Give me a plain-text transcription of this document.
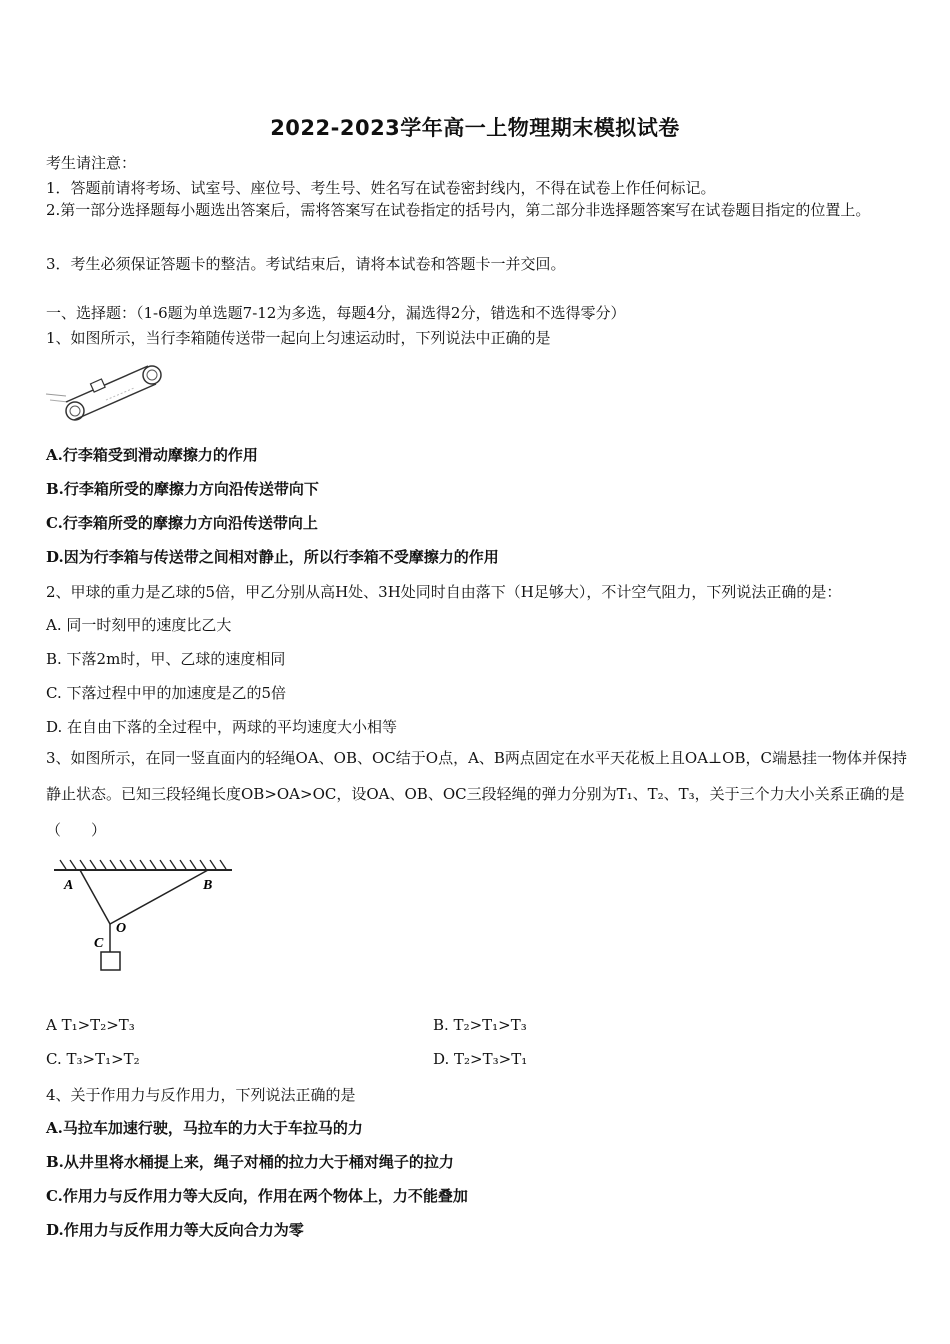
2022-2023学年高一上物理期末模拟试卷
考生请注意：
1．答题前请将考场、试室号、座位号、考生号、姓名写在试卷密封线内，不得在试卷上作任何标记。
2.第一部分选择题每小题选出答案后，需将答案写在试卷指定的括号内，第二部分非选择题答案写在试卷题目指定的位置上。
3．考生必须保证答题卡的整洁。考试结束后，请将本试卷和答题卡一并交回。
一、选择题：（1-6题为单选题7-12为多选，每题4分，漏选得2分，错选和不选得零分）
1、如图所示，当行李箱随传送带一起向上匀速运动时，下列说法中正确的是
A.行李箱受到滑动摩擦力的作用
B.行李箱所受的摩擦力方向沿传送带向下
C.行李箱所受的摩擦力方向沿传送带向上
D.因为行李箱与传送带之间相对静止，所以行李箱不受摩擦力的作用
2、甲球的重力是乙球的5倍，甲乙分别从高H处、3H处同时自由落下（H足够大），不计空气阻力，下列说法正确的是：
A. 同一时刻甲的速度比乙大
B. 下落2m时，甲、乙球的速度相同
C. 下落过程中甲的加速度是乙的5倍
D. 在自由下落的全过程中，两球的平均速度大小相等
3、如图所示，在同一竖直面内的轻绳OA、OB、OC结于O点，A、B两点固定在水平天花板上且OA⊥OB，C端悬挂一物体并保持静止状态。已知三段轻绳长度OB>OA>OC，设OA、OB、OC三段轻绳的弹力分别为T₁、T₂、T₃，关于三个力大小关系正确的是（　　）
A	B
O
C
A T₁>T₂>T₃	B. T₂>T₁>T₃
C. T₃>T₁>T₂	D. T₂>T₃>T₁
4、关于作用力与反作用力，下列说法正确的是
A.马拉车加速行驶，马拉车的力大于车拉马的力
B.从井里将水桶提上来，绳子对桶的拉力大于桶对绳子的拉力
C.作用力与反作用力等大反向，作用在两个物体上，力不能叠加
D.作用力与反作用力等大反向合力为零
